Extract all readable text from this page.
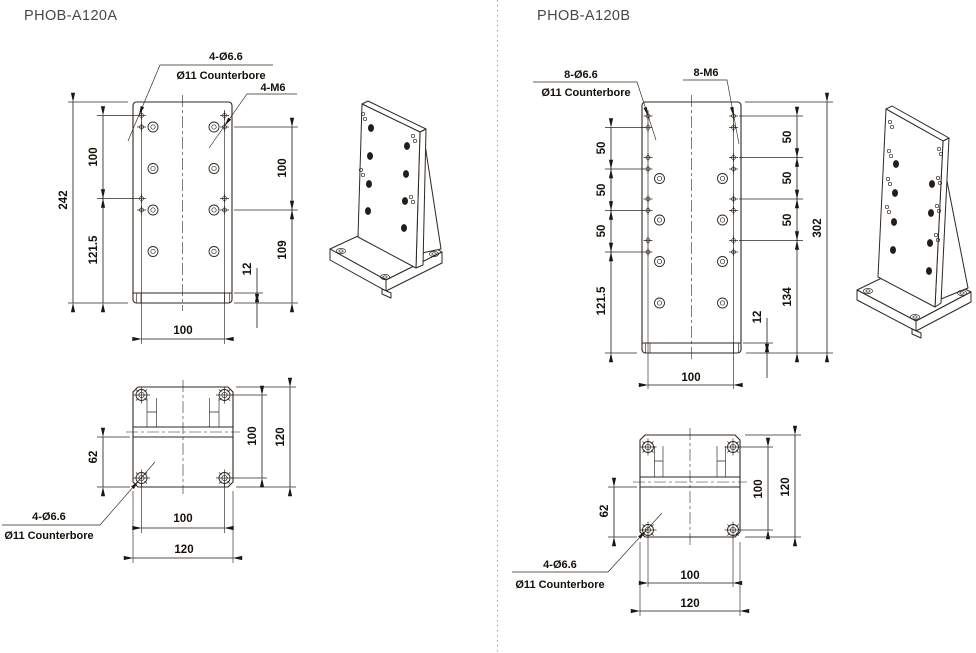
PHOB-A120A	PHOB-A120B
242
100
121.5
100
109
12
100
4-Ø6.6
Ø11 Counterbore
4-M6
62
100 120
100
120
4-Ø6.6
Ø11 Counterbore
50
50
50
121.5
50
50
50
134
302
12
100
8-Ø6.6
Ø11 Counterbore
8-M6
62
100 120
100
120
4-Ø6.6
Ø11 Counterbore
